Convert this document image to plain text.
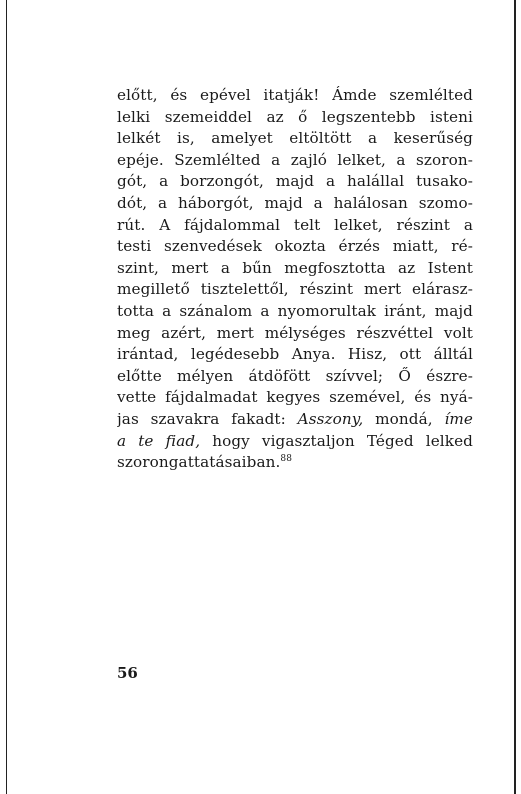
előtt, és epével itatják! Ámde szemlélted
lelki szemeiddel az ő legszentebb isteni
lelkét is, amelyet eltöltött a keserűség
epéje. Szemlélted a zajló lelket, a szoron-
gót, a borzongót, majd a halállal tusako-
dót, a háborgót, majd a halálosan szomo-
rút. A fájdalommal telt lelket, részint a
testi szenvedések okozta érzés miatt, ré-
szint, mert a bűn megfosztotta az Istent
megillető tisztelettől, részint mert elárasz-
totta a szánalom a nyomorultak iránt, majd
meg azért, mert mélységes részvéttel volt
irántad, legédesebb Anya. Hisz, ott álltál
előtte mélyen átdöfött szívvel; Ő észre-
vette fájdalmadat kegyes szemével, és nyá-
jas szavakra fakadt: Asszony, mondá, íme
a te fiad, hogy vigasztaljon Téged lelked
szorongattatásaiban.$^{88}$
56
